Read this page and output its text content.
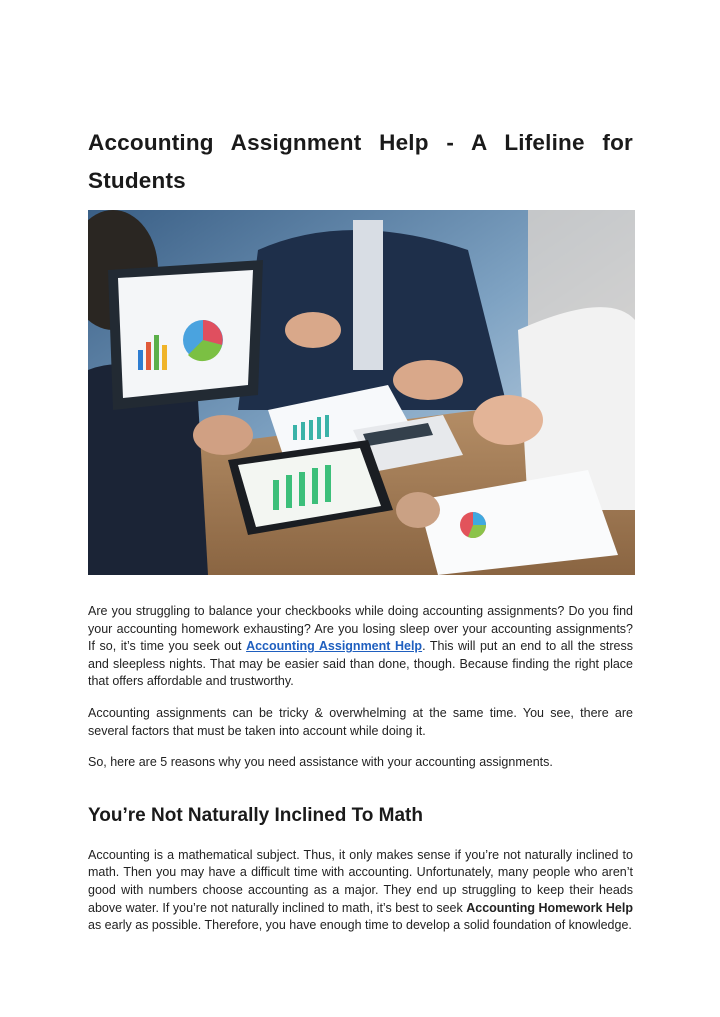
Accounting Assignment Help - A Lifeline for Students

Are you struggling to balance your checkbooks while doing accounting assignments? Do you find your accounting homework exhausting? Are you losing sleep over your accounting assignments? If so, it’s time you seek out Accounting Assignment Help. This will put an end to all the stress and sleepless nights. That may be easier said than done, though. Because finding the right place that offers affordable and trustworthy.

Accounting assignments can be tricky & overwhelming at the same time. You see, there are several factors that must be taken into account while doing it.

So, here are 5 reasons why you need assistance with your accounting assignments.

You’re Not Naturally Inclined To Math

Accounting is a mathematical subject. Thus, it only makes sense if you’re not naturally inclined to math. Then you may have a difficult time with accounting. Unfortunately, many people who aren’t good with numbers choose accounting as a major. They end up struggling to keep their heads above water. If you’re not naturally inclined to math, it’s best to seek Accounting Homework Help as early as possible. Therefore, you have enough time to develop a solid foundation of knowledge.
